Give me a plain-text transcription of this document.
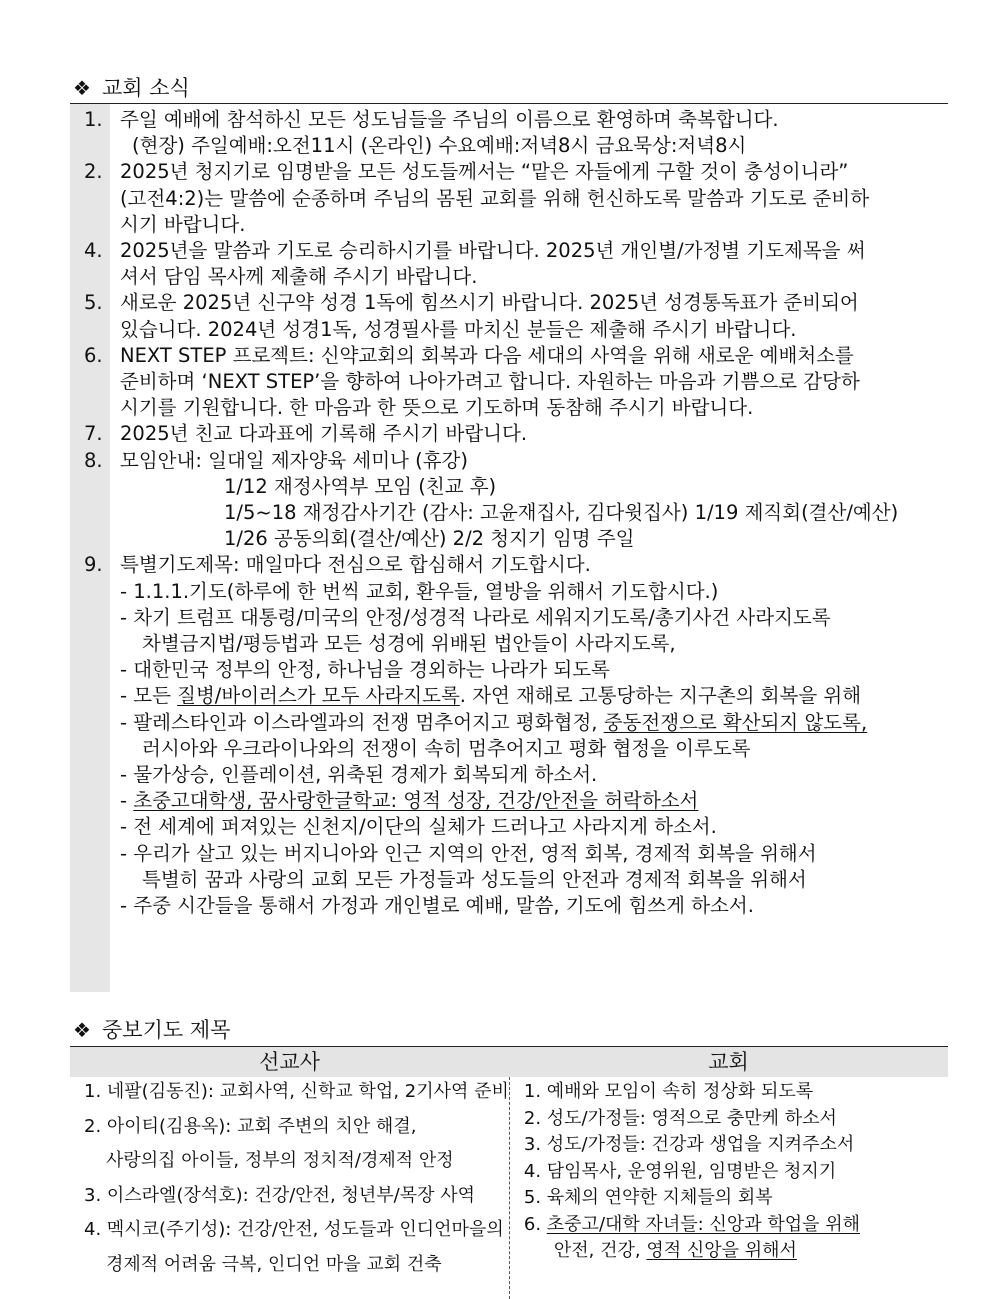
❖ 교회 소식
1. 주일 예배에 참석하신 모든 성도님들을 주님의 이름으로 환영하며 축복합니다.
(현장) 주일예배:오전11시 (온라인) 수요예배:저녁8시 금요묵상:저녁8시
2. 2025년 청지기로 임명받을 모든 성도들께서는 “맡은 자들에게 구할 것이 충성이니라”
(고전4:2)는 말씀에 순종하며 주님의 몸된 교회를 위해 헌신하도록 말씀과 기도로 준비하
시기 바랍니다.
4. 2025년을 말씀과 기도로 승리하시기를 바랍니다. 2025년 개인별/가정별 기도제목을 써
셔서 담임 목사께 제출해 주시기 바랍니다.
5. 새로운 2025년 신구약 성경 1독에 힘쓰시기 바랍니다. 2025년 성경통독표가 준비되어
있습니다. 2024년 성경1독, 성경필사를 마치신 분들은 제출해 주시기 바랍니다.
6. NEXT STEP 프로젝트: 신약교회의 회복과 다음 세대의 사역을 위해 새로운 예배처소를
준비하며 ‘NEXT STEP’을 향하여 나아가려고 합니다. 자원하는 마음과 기쁨으로 감당하
시기를 기원합니다. 한 마음과 한 뜻으로 기도하며 동참해 주시기 바랍니다.
7. 2025년 친교 다과표에 기록해 주시기 바랍니다.
8. 모임안내: 일대일 제자양육 세미나 (휴강)
1/12 재정사역부 모임 (친교 후)
1/5~18 재정감사기간 (감사: 고윤재집사, 김다윗집사) 1/19 제직회(결산/예산)
1/26 공동의회(결산/예산) 2/2 청지기 임명 주일
9. 특별기도제목: 매일마다 전심으로 합심해서 기도합시다.
- 1.1.1.기도(하루에 한 번씩 교회, 환우들, 열방을 위해서 기도합시다.)
- 차기 트럼프 대통령/미국의 안정/성경적 나라로 세워지기도록/총기사건 사라지도록
차별금지법/평등법과 모든 성경에 위배된 법안들이 사라지도록,
- 대한민국 정부의 안정, 하나님을 경외하는 나라가 되도록
- 모든 질병/바이러스가 모두 사라지도록. 자연 재해로 고통당하는 지구촌의 회복을 위해
- 팔레스타인과 이스라엘과의 전쟁 멈추어지고 평화협정, 중동전쟁으로 확산되지 않도록,
러시아와 우크라이나와의 전쟁이 속히 멈추어지고 평화 협정을 이루도록
- 물가상승, 인플레이션, 위축된 경제가 회복되게 하소서.
- 초중고대학생, 꿈사랑한글학교: 영적 성장, 건강/안전을 허락하소서
- 전 세계에 퍼져있는 신천지/이단의 실체가 드러나고 사라지게 하소서.
- 우리가 살고 있는 버지니아와 인근 지역의 안전, 영적 회복, 경제적 회복을 위해서
특별히 꿈과 사랑의 교회 모든 가정들과 성도들의 안전과 경제적 회복을 위해서
- 주중 시간들을 통해서 가정과 개인별로 예배, 말씀, 기도에 힘쓰게 하소서.
❖ 중보기도 제목
선교사	교회
1. 네팔(김동진): 교회사역, 신학교 학업, 2기사역 준비
2. 아이티(김용옥): 교회 주변의 치안 해결,
사랑의집 아이들, 정부의 정치적/경제적 안정
3. 이스라엘(장석호): 건강/안전, 청년부/목장 사역
4. 멕시코(주기성): 건강/안전, 성도들과 인디언마을의
경제적 어려움 극복, 인디언 마을 교회 건축
1. 예배와 모임이 속히 정상화 되도록
2. 성도/가정들: 영적으로 충만케 하소서
3. 성도/가정들: 건강과 생업을 지켜주소서
4. 담임목사, 운영위원, 임명받은 청지기
5. 육체의 연약한 지체들의 회복
6. 초중고/대학 자녀들: 신앙과 학업을 위해
안전, 건강, 영적 신앙을 위해서
